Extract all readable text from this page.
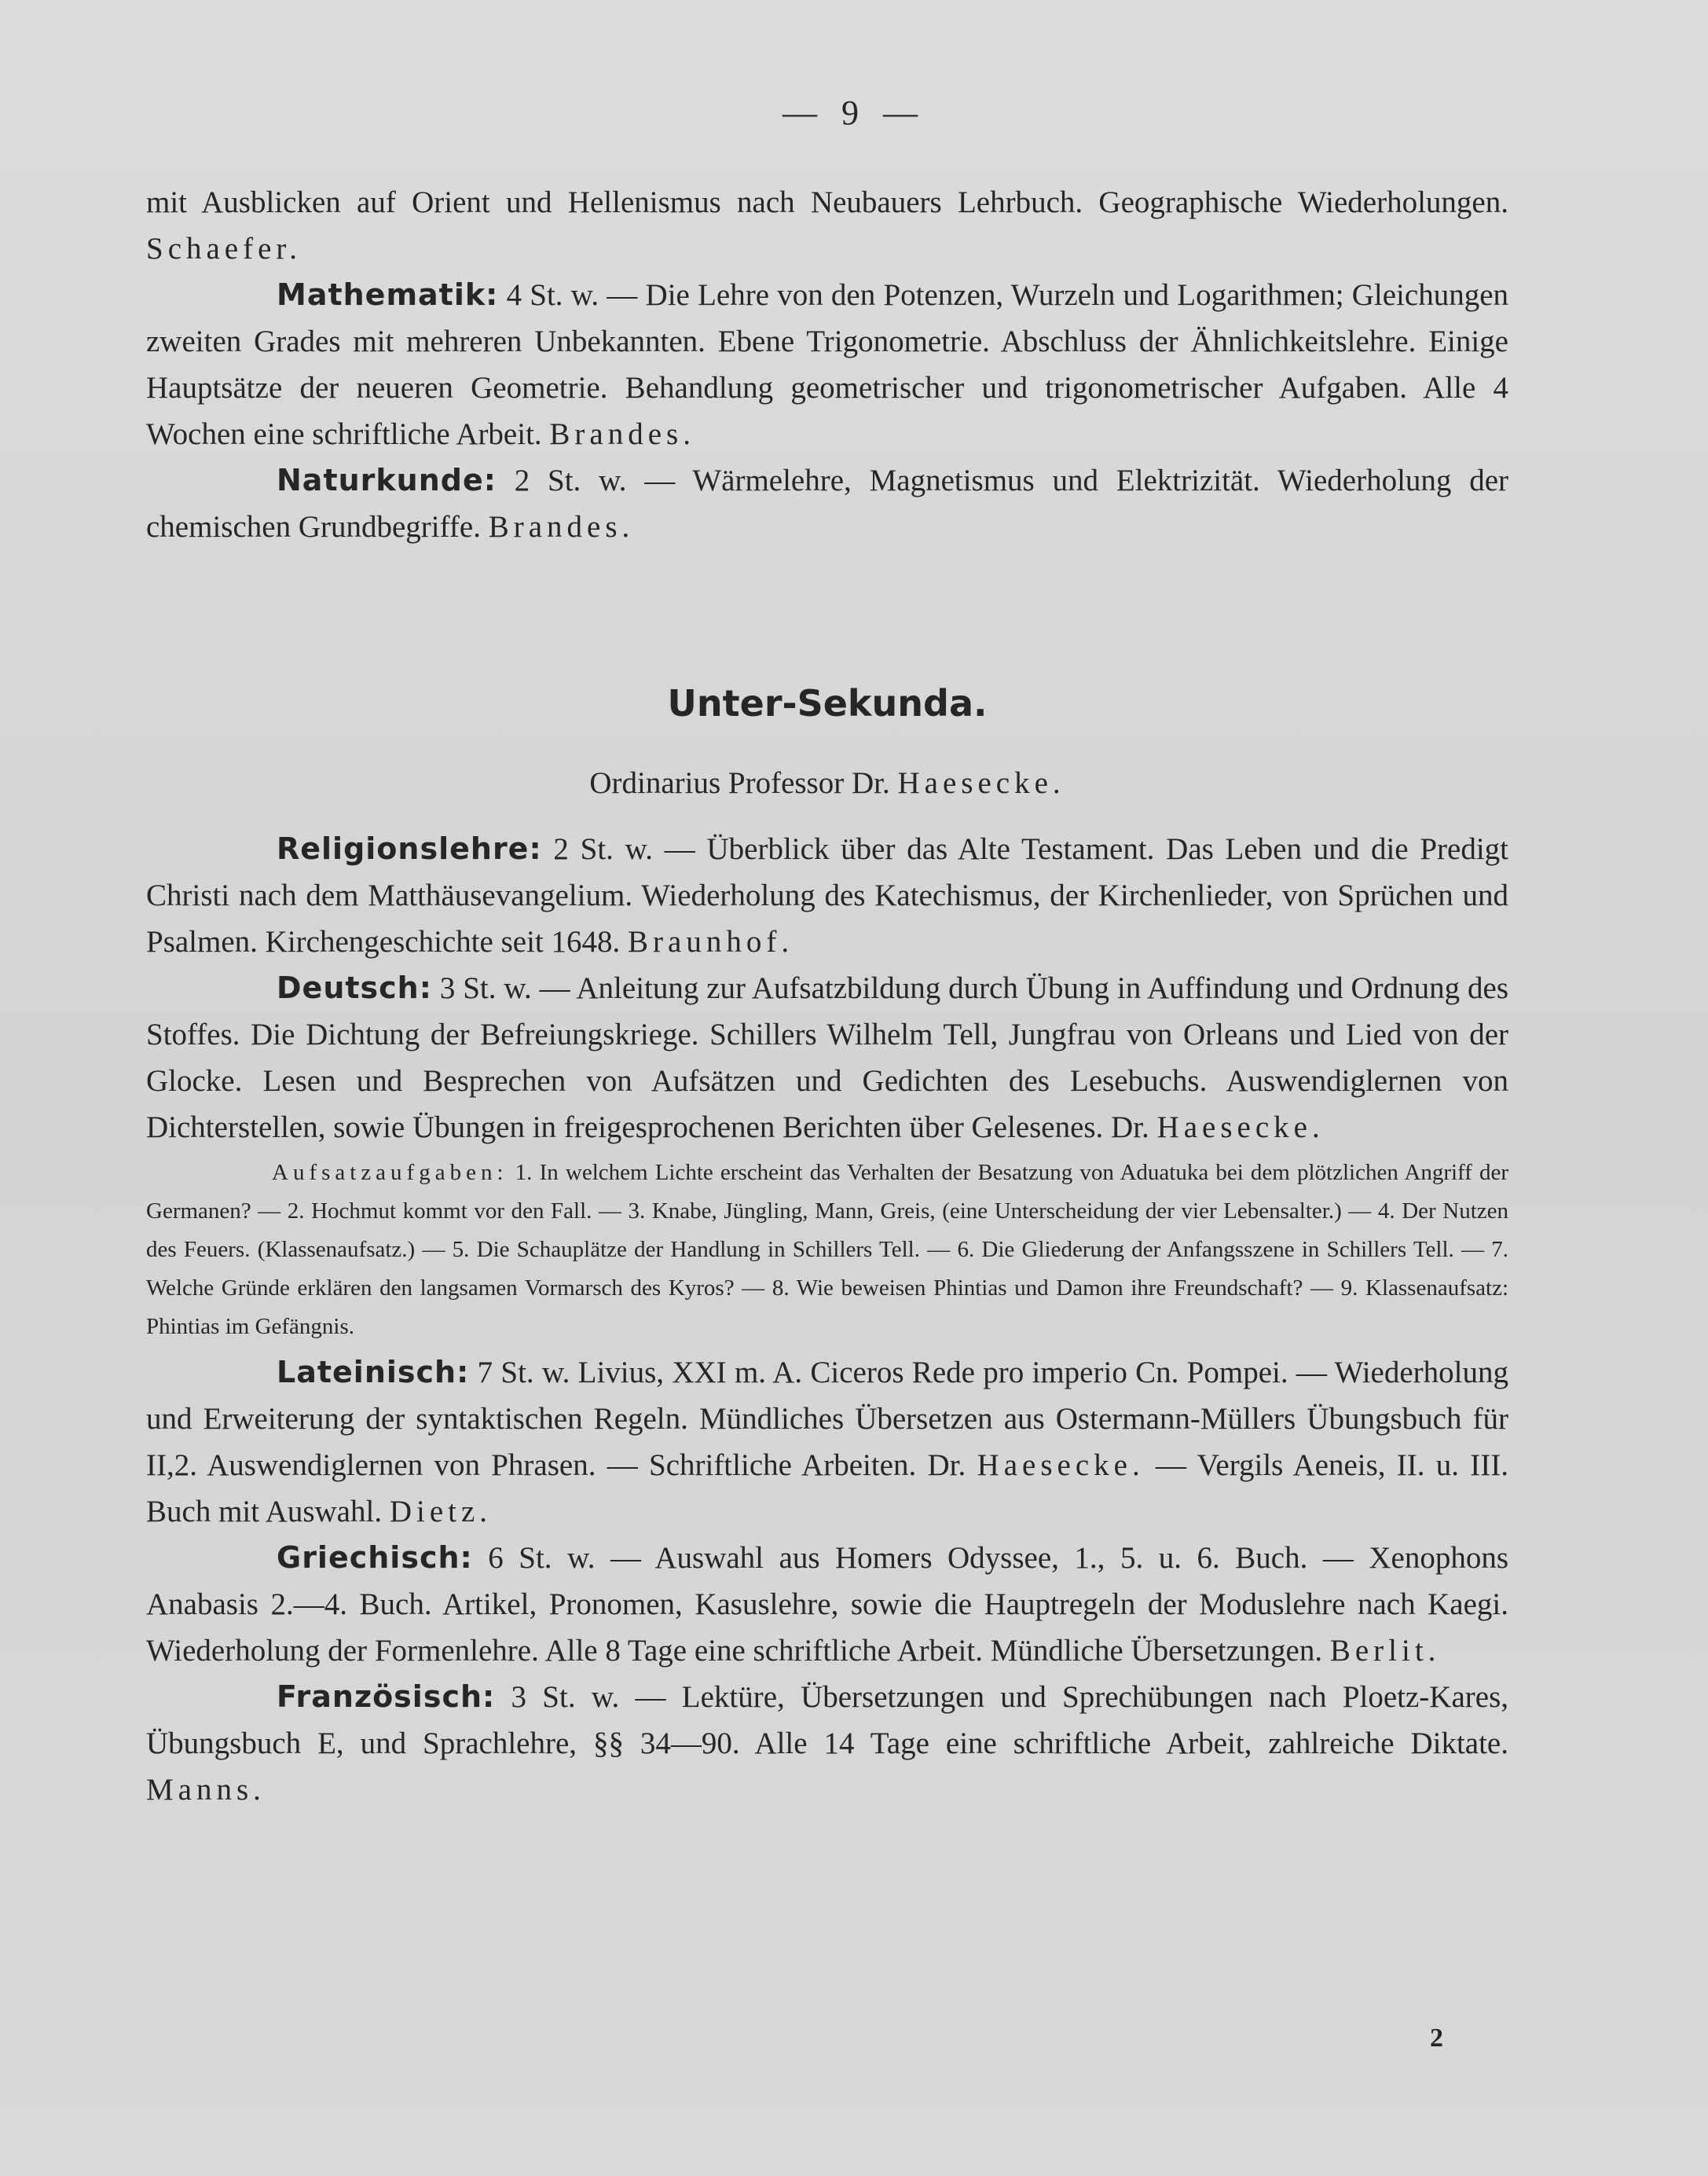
— 9 —

mit Ausblicken auf Orient und Hellenismus nach Neubauers Lehrbuch. Geographische Wiederholungen. Schaefer.

Mathematik: 4 St. w. — Die Lehre von den Potenzen, Wurzeln und Logarithmen; Gleichungen zweiten Grades mit mehreren Unbekannten. Ebene Trigonometrie. Abschluss der Ähnlichkeitslehre. Einige Hauptsätze der neueren Geometrie. Behandlung geometrischer und trigonometrischer Aufgaben. Alle 4 Wochen eine schriftliche Arbeit. Brandes.

Naturkunde: 2 St. w. — Wärmelehre, Magnetismus und Elektrizität. Wiederholung der chemischen Grundbegriffe. Brandes.

Unter-Sekunda.

Ordinarius Professor Dr. Haesecke.

Religionslehre: 2 St. w. — Überblick über das Alte Testament. Das Leben und die Predigt Christi nach dem Matthäusevangelium. Wiederholung des Katechismus, der Kirchenlieder, von Sprüchen und Psalmen. Kirchengeschichte seit 1648. Braunhof.

Deutsch: 3 St. w. — Anleitung zur Aufsatzbildung durch Übung in Auffindung und Ordnung des Stoffes. Die Dichtung der Befreiungskriege. Schillers Wilhelm Tell, Jungfrau von Orleans und Lied von der Glocke. Lesen und Besprechen von Aufsätzen und Gedichten des Lesebuchs. Auswendiglernen von Dichterstellen, sowie Übungen in freigesprochenen Berichten über Gelesenes. Dr. Haesecke.

Aufsatzaufgaben: 1. In welchem Lichte erscheint das Verhalten der Besatzung von Aduatuka bei dem plötzlichen Angriff der Germanen? — 2. Hochmut kommt vor den Fall. — 3. Knabe, Jüngling, Mann, Greis, (eine Unterscheidung der vier Lebensalter.) — 4. Der Nutzen des Feuers. (Klassenaufsatz.) — 5. Die Schauplätze der Handlung in Schillers Tell. — 6. Die Gliederung der Anfangsszene in Schillers Tell. — 7. Welche Gründe erklären den langsamen Vormarsch des Kyros? — 8. Wie beweisen Phintias und Damon ihre Freundschaft? — 9. Klassenaufsatz: Phintias im Gefängnis.

Lateinisch: 7 St. w. Livius, XXI m. A. Ciceros Rede pro imperio Cn. Pompei. — Wiederholung und Erweiterung der syntaktischen Regeln. Mündliches Übersetzen aus Ostermann-Müllers Übungsbuch für II,2. Auswendiglernen von Phrasen. — Schriftliche Arbeiten. Dr. Haesecke. — Vergils Aeneis, II. u. III. Buch mit Auswahl. Dietz.

Griechisch: 6 St. w. — Auswahl aus Homers Odyssee, 1., 5. u. 6. Buch. — Xenophons Anabasis 2.—4. Buch. Artikel, Pronomen, Kasuslehre, sowie die Hauptregeln der Moduslehre nach Kaegi. Wiederholung der Formenlehre. Alle 8 Tage eine schriftliche Arbeit. Mündliche Übersetzungen. Berlit.

Französisch: 3 St. w. — Lektüre, Übersetzungen und Sprechübungen nach Ploetz-Kares, Übungsbuch E, und Sprachlehre, §§ 34—90. Alle 14 Tage eine schriftliche Arbeit, zahlreiche Diktate. Manns.

2
